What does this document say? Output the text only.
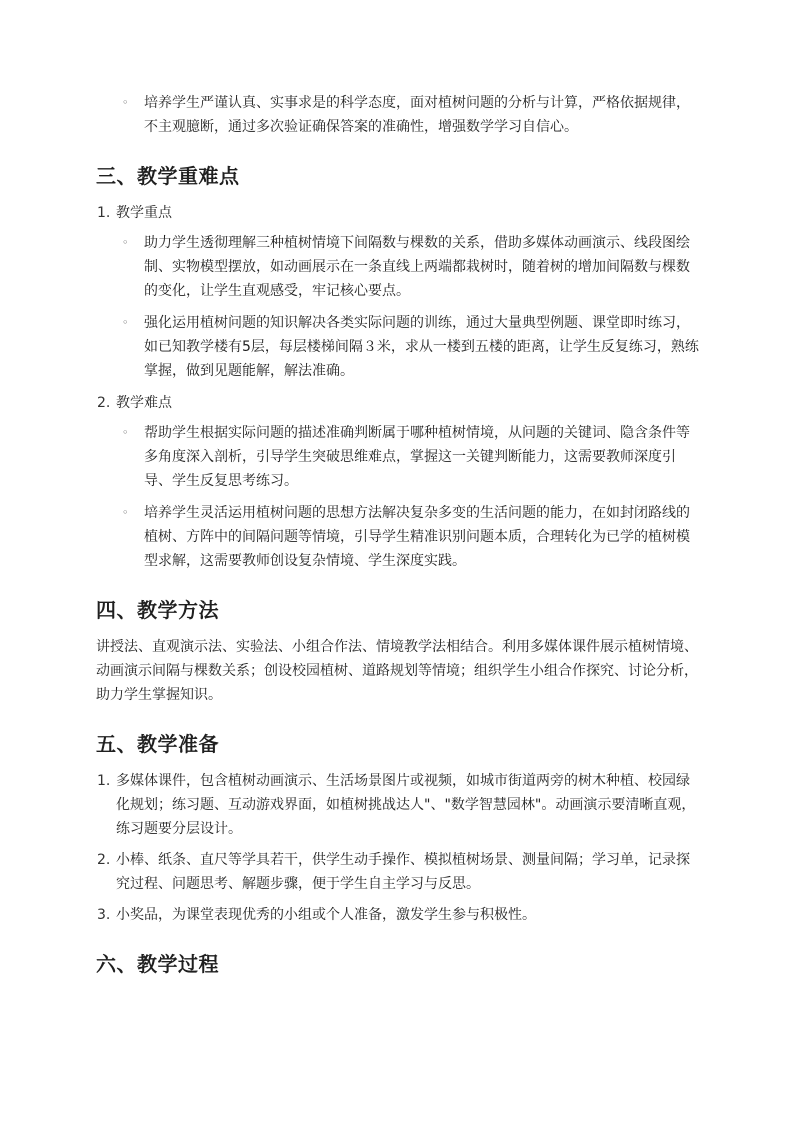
◦ 培养学生严谨认真、实事求是的科学态度，面对植树问题的分析与计算，严格依据规律，不主观臆断，通过多次验证确保答案的准确性，增强数学学习自信心。
三、教学重难点
1. 教学重点
◦ 助力学生透彻理解三种植树情境下间隔数与棵数的关系，借助多媒体动画演示、线段图绘制、实物模型摆放，如动画展示在一条直线上两端都栽树时，随着树的增加间隔数与棵数的变化，让学生直观感受，牢记核心要点。
◦ 强化运用植树问题的知识解决各类实际问题的训练，通过大量典型例题、课堂即时练习，如已知教学楼有5层，每层楼梯间隔３米，求从一楼到五楼的距离，让学生反复练习，熟练掌握，做到见题能解，解法准确。
2. 教学难点
◦ 帮助学生根据实际问题的描述准确判断属于哪种植树情境，从问题的关键词、隐含条件等多角度深入剖析，引导学生突破思维难点，掌握这一关键判断能力，这需要教师深度引导、学生反复思考练习。
◦ 培养学生灵活运用植树问题的思想方法解决复杂多变的生活问题的能力，在如封闭路线的植树、方阵中的间隔问题等情境，引导学生精准识别问题本质，合理转化为已学的植树模型求解，这需要教师创设复杂情境、学生深度实践。
四、教学方法
讲授法、直观演示法、实验法、小组合作法、情境教学法相结合。利用多媒体课件展示植树情境、动画演示间隔与棵数关系；创设校园植树、道路规划等情境；组织学生小组合作探究、讨论分析，助力学生掌握知识。
五、教学准备
1. 多媒体课件，包含植树动画演示、生活场景图片或视频，如城市街道两旁的树木种植、校园绿化规划；练习题、互动游戏界面，如植树挑战达人"、"数学智慧园林"。动画演示要清晰直观，练习题要分层设计。
2. 小棒、纸条、直尺等学具若干，供学生动手操作、模拟植树场景、测量间隔；学习单，记录探究过程、问题思考、解题步骤，便于学生自主学习与反思。
3. 小奖品，为课堂表现优秀的小组或个人准备，激发学生参与积极性。
六、教学过程
